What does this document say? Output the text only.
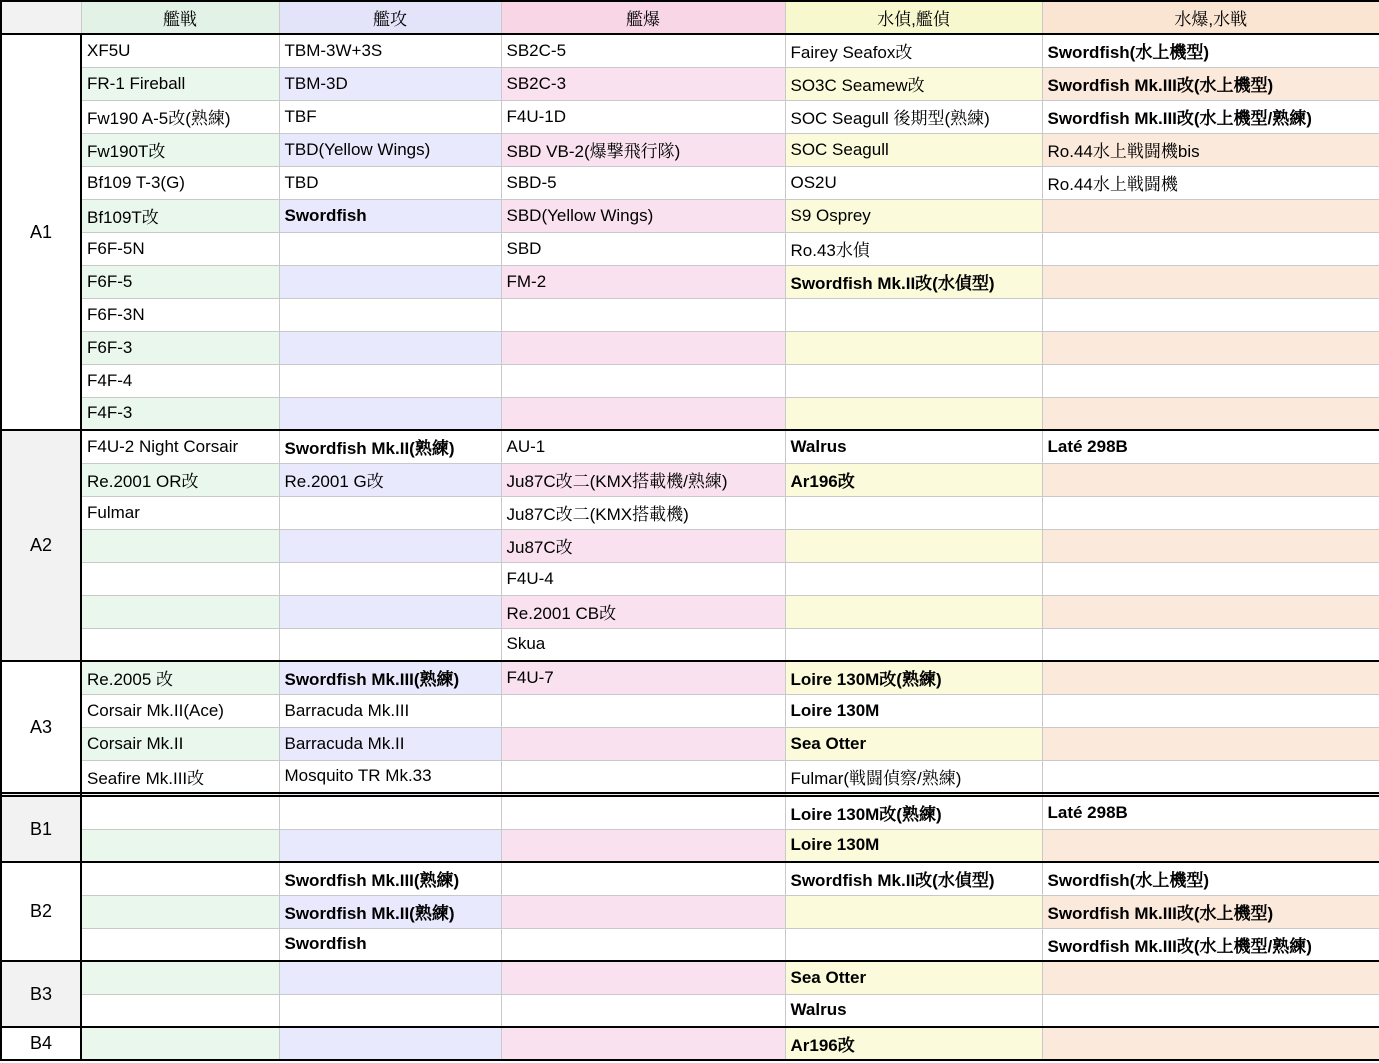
	艦戦	艦攻	艦爆	水偵,艦偵	水爆,水戦
A1	XF5U	TBM-3W+3S	SB2C-5	Fairey Seafox改	Swordfish(水上機型)
	FR-1 Fireball	TBM-3D	SB2C-3	SO3C Seamew改	Swordfish Mk.III改(水上機型)
	Fw190 A-5改(熟練)	TBF	F4U-1D	SOC Seagull 後期型(熟練)	Swordfish Mk.III改(水上機型/熟練)
	Fw190T改	TBD(Yellow Wings)	SBD VB-2(爆撃飛行隊)	SOC Seagull	Ro.44水上戦闘機bis
	Bf109 T-3(G)	TBD	SBD-5	OS2U	Ro.44水上戦闘機
	Bf109T改	Swordfish	SBD(Yellow Wings)	S9 Osprey	
	F6F-5N		SBD	Ro.43水偵	
	F6F-5		FM-2	Swordfish Mk.II改(水偵型)	
	F6F-3N				
	F6F-3				
	F4F-4				
	F4F-3				
A2	F4U-2 Night Corsair	Swordfish Mk.II(熟練)	AU-1	Walrus	Laté 298B
	Re.2001 OR改	Re.2001 G改	Ju87C改二(KMX搭載機/熟練)	Ar196改	
	Fulmar		Ju87C改二(KMX搭載機)		
			Ju87C改		
			F4U-4		
			Re.2001 CB改		
			Skua		
A3	Re.2005 改	Swordfish Mk.III(熟練)	F4U-7	Loire 130M改(熟練)	
	Corsair Mk.II(Ace)	Barracuda Mk.III		Loire 130M	
	Corsair Mk.II	Barracuda Mk.II		Sea Otter	
	Seafire Mk.III改	Mosquito TR Mk.33		Fulmar(戦闘偵察/熟練)	

B1				Loire 130M改(熟練)	Laté 298B
				Loire 130M	
B2		Swordfish Mk.III(熟練)		Swordfish Mk.II改(水偵型)	Swordfish(水上機型)
		Swordfish Mk.II(熟練)			Swordfish Mk.III改(水上機型)
		Swordfish			Swordfish Mk.III改(水上機型/熟練)
B3				Sea Otter	
				Walrus	
B4				Ar196改	
